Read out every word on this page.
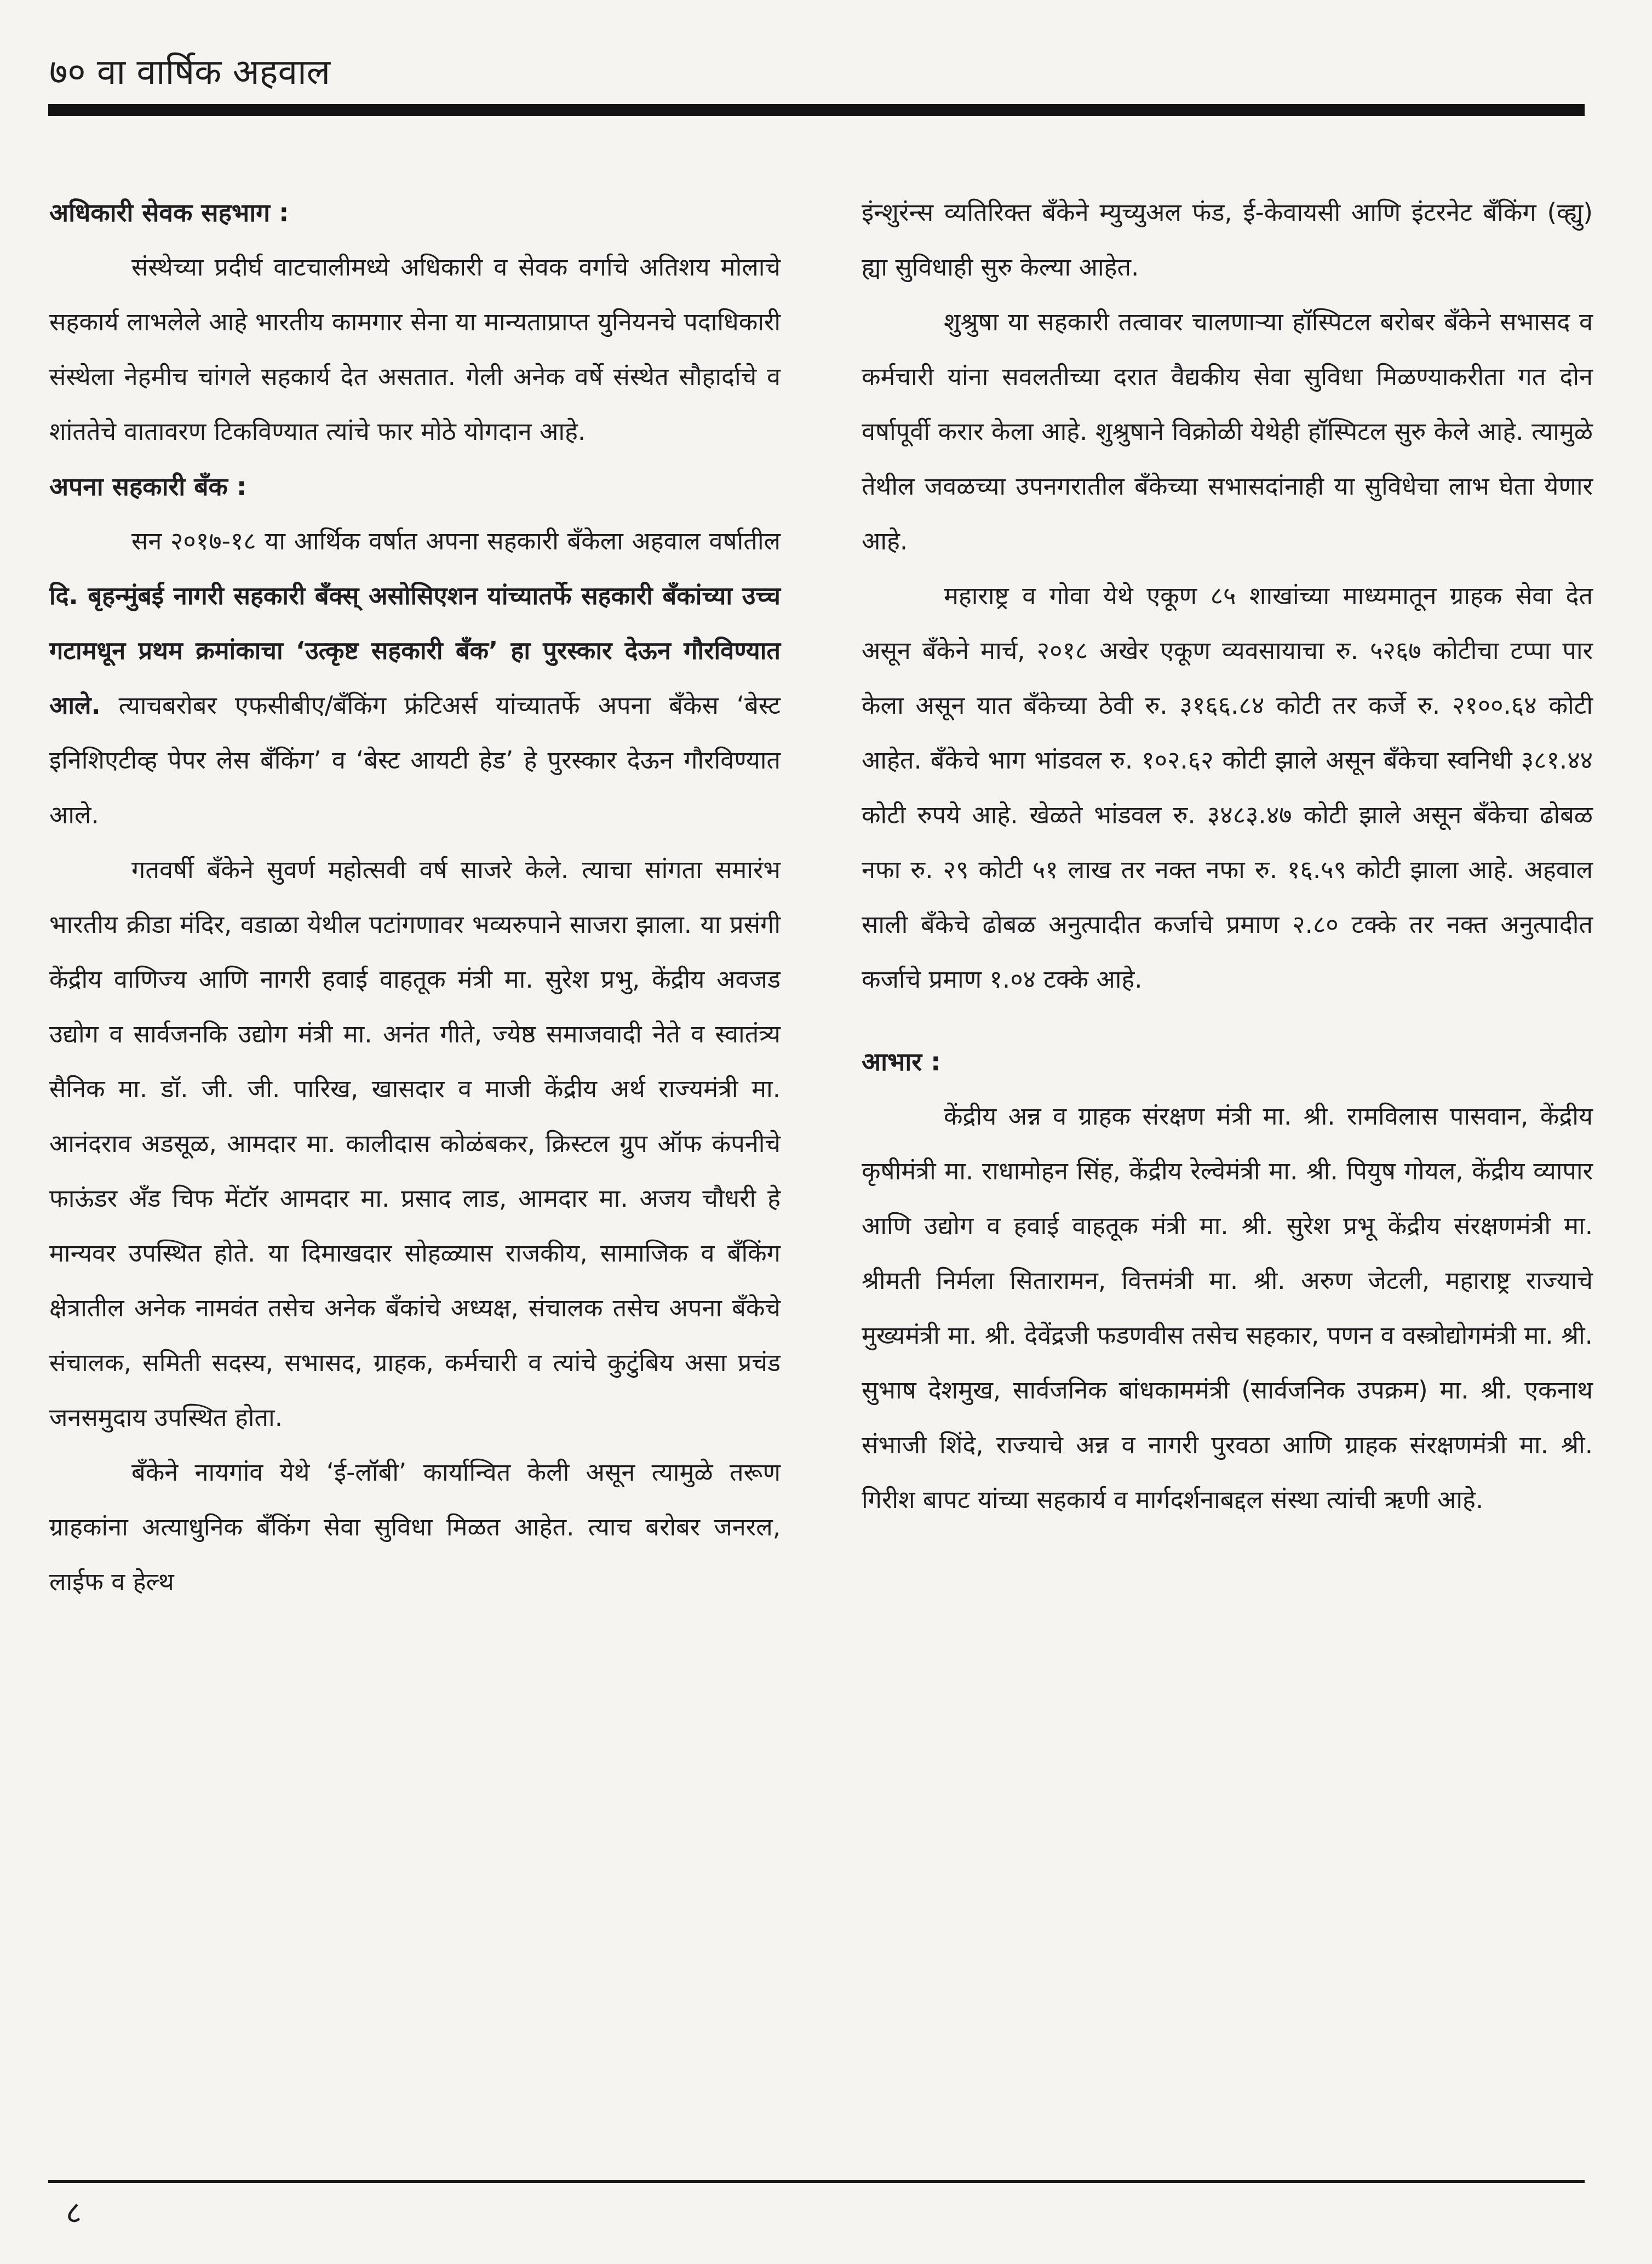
७० वा वार्षिक अहवाल
अधिकारी सेवक सहभाग :

संस्थेच्या प्रदीर्घ वाटचालीमध्ये अधिकारी व सेवक वर्गाचे अतिशय मोलाचे सहकार्य लाभलेले आहे भारतीय कामगार सेना या मान्यताप्राप्त युनियनचे पदाधिकारी संस्थेला नेहमीच चांगले सहकार्य देत असतात. गेली अनेक वर्षे संस्थेत सौहार्दाचे व शांततेचे वातावरण टिकविण्यात त्यांचे फार मोठे योगदान आहे.

अपना सहकारी बँक :

सन २०१७-१८ या आर्थिक वर्षात अपना सहकारी बँकेला अहवाल वर्षातील दि. बृहन्मुंबई नागरी सहकारी बँक्स् असोसिएशन यांच्यातर्फे सहकारी बँकांच्या उच्च गटामधून प्रथम क्रमांकाचा ‘उत्कृष्ट सहकारी बँक’ हा पुरस्कार देऊन गौरविण्यात आले. त्याचबरोबर एफसीबीए/बँकिंग फ्रंटिअर्स यांच्यातर्फे अपना बँकेस ‘बेस्ट इनिशिएटीव्ह पेपर लेस बँकिंग’ व ‘बेस्ट आयटी हेड’ हे पुरस्कार देऊन गौरविण्यात आले.

गतवर्षी बँकेने सुवर्ण महोत्सवी वर्ष साजरे केले. त्याचा सांगता समारंभ भारतीय क्रीडा मंदिर, वडाळा येथील पटांगणावर भव्यरुपाने साजरा झाला. या प्रसंगी केंद्रीय वाणिज्य आणि नागरी हवाई वाहतूक मंत्री मा. सुरेश प्रभु, केंद्रीय अवजड उद्योग व सार्वजनकि उद्योग मंत्री मा. अनंत गीते, ज्येष्ठ समाजवादी नेते व स्वातंत्र्य सैनिक मा. डॉ. जी. जी. पारिख, खासदार व माजी केंद्रीय अर्थ राज्यमंत्री मा. आनंदराव अडसूळ, आमदार मा. कालीदास कोळंबकर, क्रिस्टल ग्रुप ऑफ कंपनीचे फाऊंडर अँड चिफ मेंटॉर आमदार मा. प्रसाद लाड, आमदार मा. अजय चौधरी हे मान्यवर उपस्थित होते. या दिमाखदार सोहळ्यास राजकीय, सामाजिक व बँकिंग क्षेत्रातील अनेक नामवंत तसेच अनेक बँकांचे अध्यक्ष, संचालक तसेच अपना बँकेचे संचालक, समिती सदस्य, सभासद, ग्राहक, कर्मचारी व त्यांचे कुटुंबिय असा प्रचंड जनसमुदाय उपस्थित होता.

बँकेने नायगांव येथे ‘ई-लॉबी’ कार्यान्वित केली असून त्यामुळे तरूण ग्राहकांना अत्याधुनिक बँकिंग सेवा सुविधा मिळत आहेत. त्याच बरोबर जनरल, लाईफ व हेल्थ

इंन्शुरंन्स व्यतिरिक्त बँकेने म्युच्युअल फंड, ई-केवायसी आणि इंटरनेट बँकिंग (व्ह्यु) ह्या सुविधाही सुरु केल्या आहेत.

शुश्रुषा या सहकारी तत्वावर चालणाऱ्या हॉस्पिटल बरोबर बँकेने सभासद व कर्मचारी यांना सवलतीच्या दरात वैद्यकीय सेवा सुविधा मिळण्याकरीता गत दोन वर्षापूर्वी करार केला आहे. शुश्रुषाने विक्रोळी येथेही हॉस्पिटल सुरु केले आहे. त्यामुळे तेथील जवळच्या उपनगरातील बँकेच्या सभासदांनाही या सुविधेचा लाभ घेता येणार आहे.

महाराष्ट्र व गोवा येथे एकूण ८५ शाखांच्या माध्यमातून ग्राहक सेवा देत असून बँकेने मार्च, २०१८ अखेर एकूण व्यवसायाचा रु. ५२६७ कोटीचा टप्पा पार केला असून यात बँकेच्या ठेवी रु. ३१६६.८४ कोटी तर कर्जे रु. २१००.६४ कोटी आहेत. बँकेचे भाग भांडवल रु. १०२.६२ कोटी झाले असून बँकेचा स्वनिधी ३८१.४४ कोटी रुपये आहे. खेळते भांडवल रु. ३४८३.४७ कोटी झाले असून बँकेचा ढोबळ नफा रु. २९ कोटी ५१ लाख तर नक्त नफा रु. १६.५९ कोटी झाला आहे. अहवाल साली बँकेचे ढोबळ अनुत्पादीत कर्जाचे प्रमाण २.८० टक्के तर नक्त अनुत्पादीत कर्जाचे प्रमाण १.०४ टक्के आहे.

आभार :

केंद्रीय अन्न व ग्राहक संरक्षण मंत्री मा. श्री. रामविलास पासवान, केंद्रीय कृषीमंत्री मा. राधामोहन सिंह, केंद्रीय रेल्वेमंत्री मा. श्री. पियुष गोयल, केंद्रीय व्यापार आणि उद्योग व हवाई वाहतूक मंत्री मा. श्री. सुरेश प्रभू केंद्रीय संरक्षणमंत्री मा. श्रीमती निर्मला सितारामन, वित्तमंत्री मा. श्री. अरुण जेटली, महाराष्ट्र राज्याचे मुख्यमंत्री मा. श्री. देवेंद्रजी फडणवीस तसेच सहकार, पणन व वस्त्रोद्योगमंत्री मा. श्री. सुभाष देशमुख, सार्वजनिक बांधकाममंत्री (सार्वजनिक उपक्रम) मा. श्री. एकनाथ संभाजी शिंदे, राज्याचे अन्न व नागरी पुरवठा आणि ग्राहक संरक्षणमंत्री मा. श्री. गिरीश बापट यांच्या सहकार्य व मार्गदर्शनाबद्दल संस्था त्यांची ऋणी आहे.

८
